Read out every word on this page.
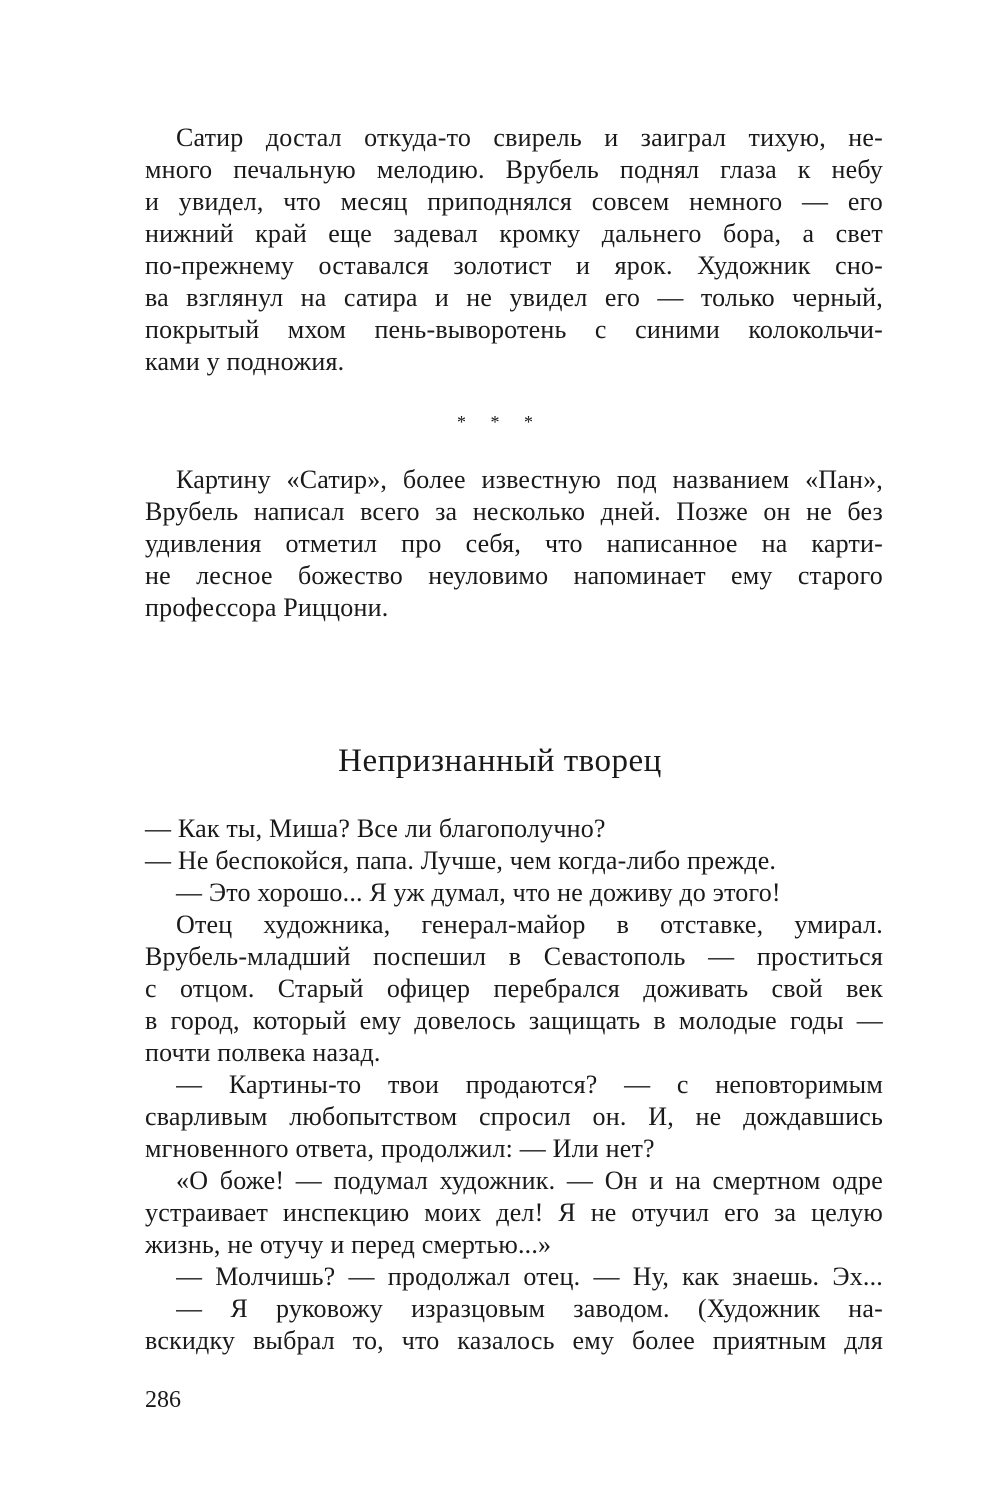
Сатир достал откуда-то свирель и заиграл тихую, не-
много печальную мелодию. Врубель поднял глаза к небу
и увидел, что месяц приподнялся совсем немного — его
нижний край еще задевал кромку дальнего бора, а свет
по-прежнему оставался золотист и ярок. Художник сно-
ва взглянул на сатира и не увидел его — только черный,
покрытый мхом пень-выворотень с синими колокольчи-
ками у подножия.
* * *
Картину «Сатир», более известную под названием «Пан»,
Врубель написал всего за несколько дней. Позже он не без
удивления отметил про себя, что написанное на карти-
не лесное божество неуловимо напоминает ему старого
профессора Риццони.
Непризнанный творец
— Как ты, Миша? Все ли благополучно?
— Не беспокойся, папа. Лучше, чем когда-либо прежде.
— Это хорошо... Я уж думал, что не доживу до этого!
Отец художника, генерал-майор в отставке, умирал.
Врубель-младший поспешил в Севастополь — проститься
с отцом. Старый офицер перебрался доживать свой век
в город, который ему довелось защищать в молодые годы —
почти полвека назад.
— Картины-то твои продаются? — с неповторимым
сварливым любопытством спросил он. И, не дождавшись
мгновенного ответа, продолжил: — Или нет?
«О боже! — подумал художник. — Он и на смертном одре
устраивает инспекцию моих дел! Я не отучил его за целую
жизнь, не отучу и перед смертью...»
— Молчишь? — продолжал отец. — Ну, как знаешь. Эх...
— Я руковожу изразцовым заводом. (Художник на-
вскидку выбрал то, что казалось ему более приятным для
286
